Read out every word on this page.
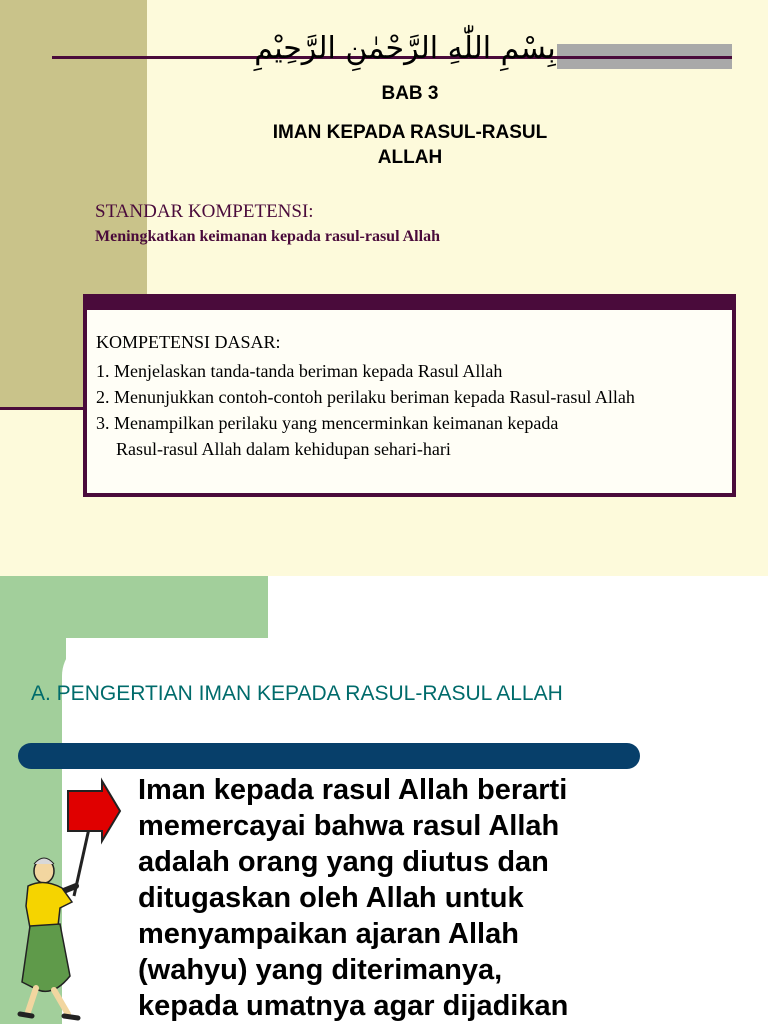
بِسْمِ اللّٰهِ الرَّحْمٰنِ الرَّحِيْمِ
BAB 3
IMAN KEPADA RASUL-RASUL
ALLAH
STANDAR KOMPETENSI:
Meningkatkan keimanan kepada rasul-rasul Allah
KOMPETENSI DASAR:
1. Menjelaskan tanda-tanda beriman kepada Rasul Allah
2. Menunjukkan contoh-contoh perilaku beriman kepada Rasul-rasul Allah
3. Menampilkan perilaku yang mencerminkan keimanan kepada
Rasul-rasul Allah dalam kehidupan sehari-hari
A. PENGERTIAN IMAN KEPADA RASUL-RASUL ALLAH
Iman kepada rasul Allah berarti
memercayai bahwa rasul Allah
adalah orang yang diutus dan
ditugaskan oleh Allah untuk
menyampaikan ajaran Allah
(wahyu) yang diterimanya,
kepada umatnya agar dijadikan
